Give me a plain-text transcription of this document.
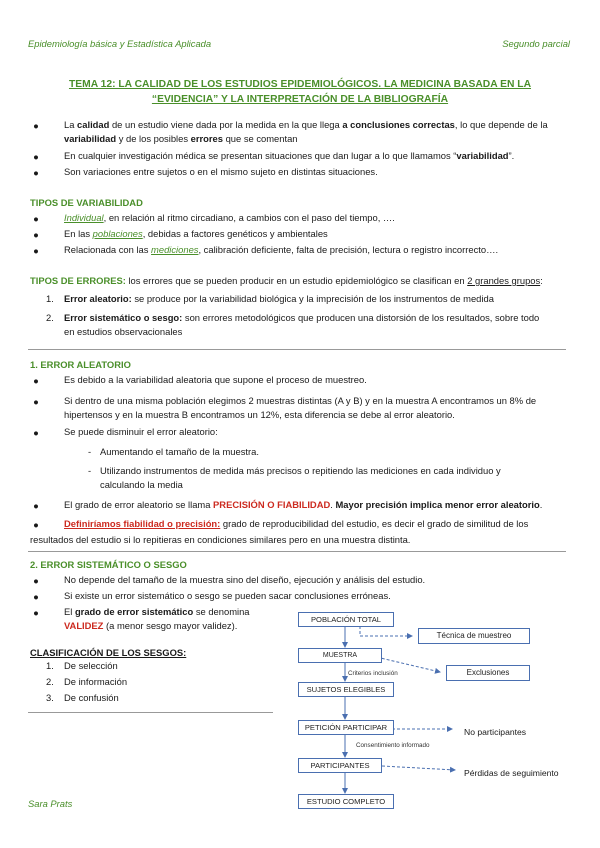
Epidemiología básica y Estadística Aplicada	Segundo parcial
TEMA 12: LA CALIDAD DE LOS ESTUDIOS EPIDEMIOLÓGICOS. LA MEDICINA BASADA EN LA
“EVIDENCIA” Y LA INTERPRETACIÓN DE LA BIBLIOGRAFÍA
●	La calidad de un estudio viene dada por la medida en la que llega a conclusiones correctas, lo que depende de la
variabilidad y de los posibles errores que se comentan
●	En cualquier investigación médica se presentan situaciones que dan lugar a lo que llamamos “variabilidad”.
●	Son variaciones entre sujetos o en el mismo sujeto en distintas situaciones.
TIPOS DE VARIABILIDAD
●	Individual, en relación al ritmo circadiano, a cambios con el paso del tiempo, ….
●	En las poblaciones, debidas a factores genéticos y ambientales
●	Relacionada con las mediciones, calibración deficiente, falta de precisión, lectura o registro incorrecto….
TIPOS DE ERRORES: los errores que se pueden producir en un estudio epidemiológico se clasifican en 2 grandes grupos:
1. Error aleatorio: se produce por la variabilidad biológica y la imprecisión de los instrumentos de medida
2. Error sistemático o sesgo: son errores metodológicos que producen una distorsión de los resultados, sobre todo
en estudios observacionales
1. ERROR ALEATORIO
●	Es debido a la variabilidad aleatoria que supone el proceso de muestreo.
●	Si dentro de una misma población elegimos 2 muestras distintas (A y B) y en la muestra A encontramos un 8% de
hipertensos y en la muestra B encontramos un 12%, esta diferencia se debe al error aleatorio.
●	Se puede disminuir el error aleatorio:
- Aumentando el tamaño de la muestra.
- Utilizando instrumentos de medida más precisos o repitiendo las mediciones en cada individuo y
calculando la media
●	El grado de error aleatorio se llama PRECISIÓN O FIABILIDAD. Mayor precisión implica menor error aleatorio.
●	Definiríamos fiabilidad o precisión: grado de reproducibilidad del estudio, es decir el grado de similitud de los
resultados del estudio si lo repitieras en condiciones similares pero en una muestra distinta.
2. ERROR SISTEMÁTICO O SESGO
●	No depende del tamaño de la muestra sino del diseño, ejecución y análisis del estudio.
●	Si existe un error sistemático o sesgo se pueden sacar conclusiones erróneas.
●	El grado de error sistemático se denomina
VALIDEZ (a menor sesgo mayor validez).
CLASIFICACIÓN DE LOS SESGOS:
1. De selección
2. De información
3. De confusión
POBLACIÓN TOTAL
Técnica de muestreo
MUESTRA
Exclusiones
Criterios inclusión
SUJETOS ELEGIBLES
PETICIÓN PARTICIPAR	No participantes
Consentimiento informado
PARTICIPANTES
Pérdidas de seguimiento
ESTUDIO COMPLETO
Sara Prats
